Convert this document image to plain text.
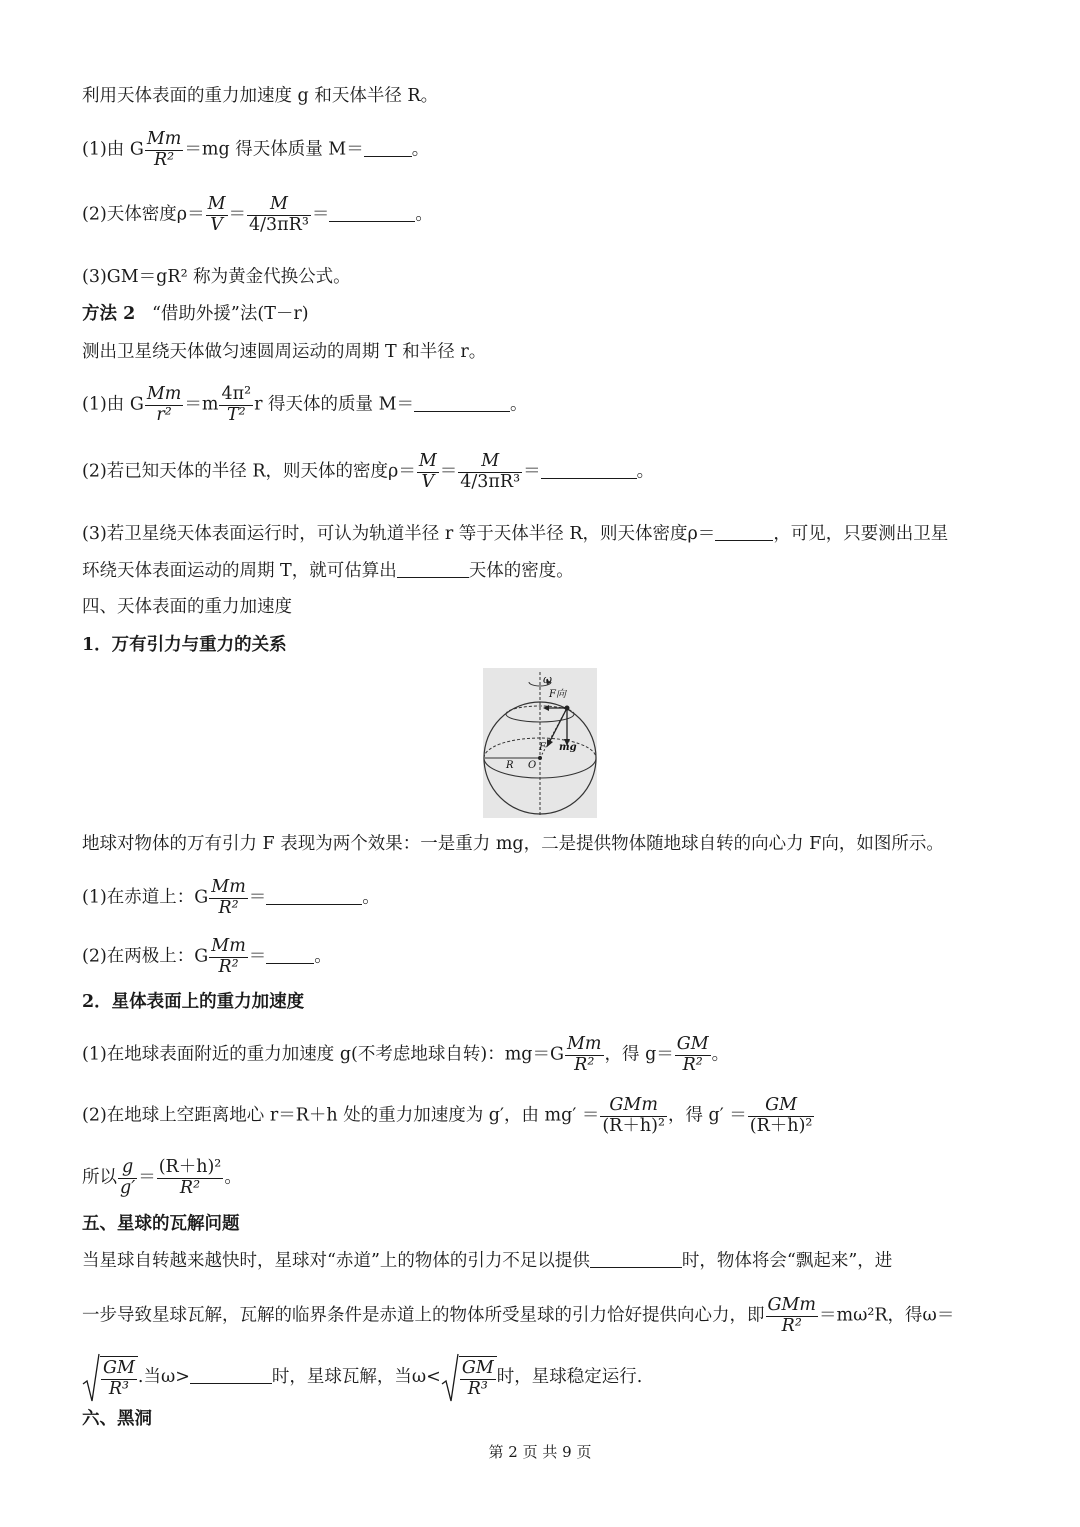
利用天体表面的重力加速度 g 和天体半径 R。
(1)由 G $\frac{Mm}{\text{R²}} =mg$ 得天体质量 M＝	。
(2)天体密度$\rho= \frac{M}{V} = \frac{M}{\text{4/3πR³}}$ ＝	。
(3)GM＝gR² 称为黄金代换公式。
方法 2 “借助外援”法(T－r)
测出卫星绕天体做匀速圆周运动的周期 T 和半径 r。
(1)由 G $\frac{Mm}{\text{r²}} =m \frac{\text{4π²}}{\text{T²}}$ r 得天体的质量 M＝	。
(2)若已知天体的半径 R，则天体的密度$\rho= \frac{M}{V} = \frac{M}{\text{4/3πR³}}$ ＝	。
(3)若卫星绕天体表面运行时，可认为轨道半径 r 等于天体半径 R，则天体密度ρ＝	，可见，只要测出卫星
环绕天体表面运动的周期 T，就可估算出	天体的密度。
四、天体表面的重力加速度
1．万有引力与重力的关系
ω
F向
F mg
R O
地球对物体的万有引力 F 表现为两个效果：一是重力 mg，二是提供物体随地球自转的向心力 F向，如图所示。
(1)在赤道上：G $\frac{Mm}{\text{R²}}$ ＝	。
(2)在两极上：G $\frac{Mm}{\text{R²}}$ ＝	。
2．星体表面上的重力加速度
(1)在地球表面附近的重力加速度 g(不考虑地球自转)：$mg=G \frac{Mm}{\text{R²}}$ ，得 $g= \frac{GM}{\text{R²}}$ 。
(2)在地球上空距离地心 r＝R＋h 处的重力加速度为 g′，由 $mg' = \frac{\text{GMm}}{\text{(R＋h)²}}$ ，得 $g' = \frac{GM}{\text{(R＋h)²}}$
所以 $\frac{g}{g'} = \frac{\text{(R＋h)²}}{\text{R²}}$ 。
五、星球的瓦解问题
当星球自转越来越快时，星球对“赤道”上的物体的引力不足以提供	时，物体将会“飘起来”，进
一步导致星球瓦解，瓦解的临界条件是赤道上的物体所受星球的引力恰好提供向心力，即 $\frac{\text{GMm}}{\text{R²}} =m\omega^2R$，得ω＝
$\frac{GM}{\text{R³}}$ .当ω>	时，星球瓦解，当$\omega< \frac{GM}{\text{R³}}$ 时，星球稳定运行.
六、黑洞
第 2 页 共 9 页
